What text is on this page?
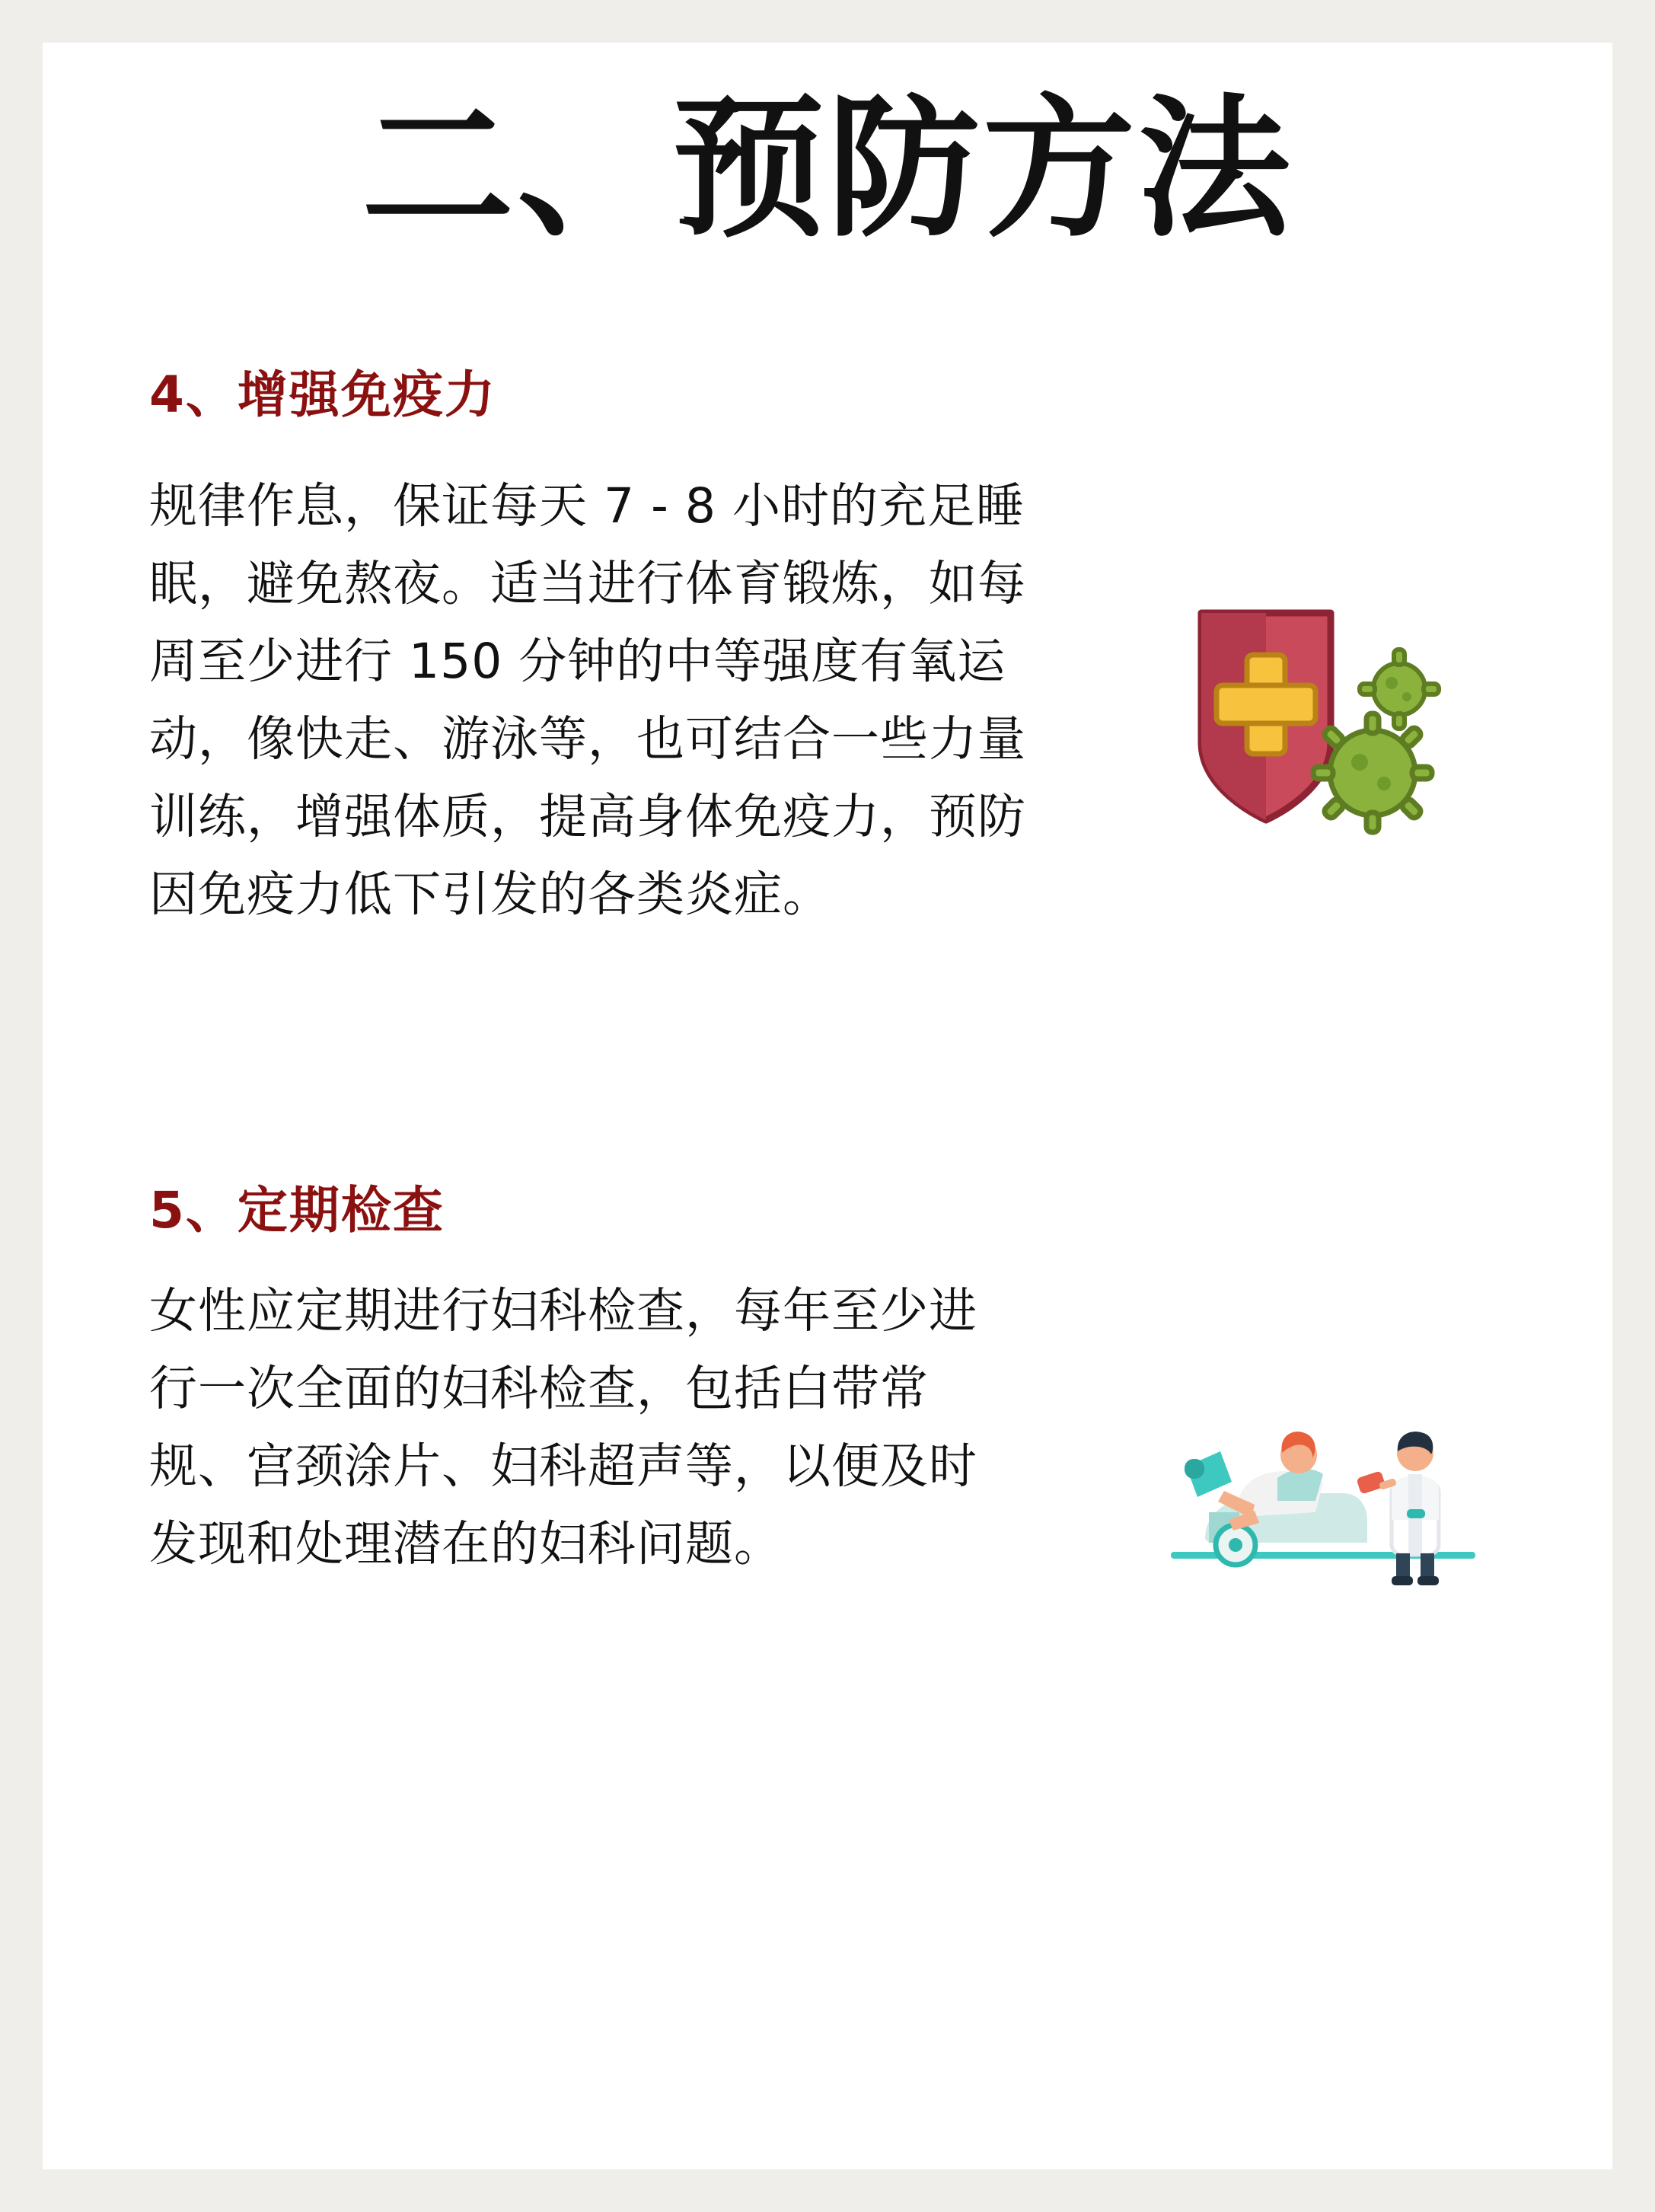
二、预防方法
4、增强免疫力

规律作息，保证每天 7 - 8 小时的充足睡眠，避免熬夜。适当进行体育锻炼，如每周至少进行 150 分钟的中等强度有氧运动，像快走、游泳等，也可结合一些力量训练，增强体质，提高身体免疫力，预防因免疫力低下引发的各类炎症。

5、定期检查

女性应定期进行妇科检查，每年至少进行一次全面的妇科检查，包括白带常规、宫颈涂片、妇科超声等，以便及时发现和处理潜在的妇科问题。
